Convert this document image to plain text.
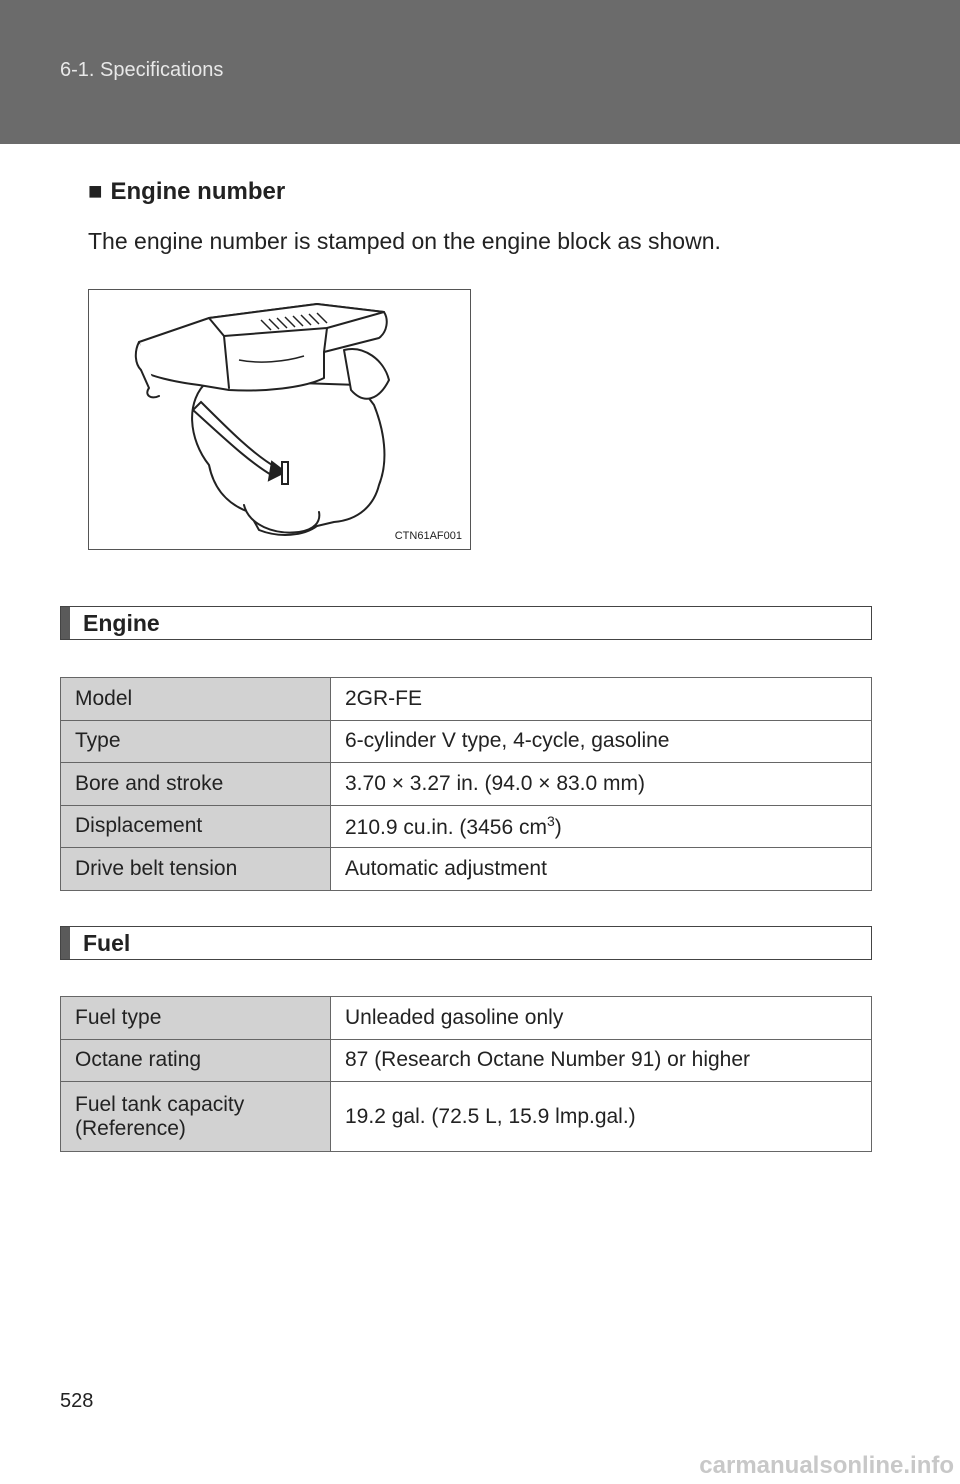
6-1. Specifications
■ Engine number
The engine number is stamped on the engine block as shown.
CTN61AF001
Engine
Model	2GR-FE
Type	6-cylinder V type, 4-cycle, gasoline
Bore and stroke	3.70 × 3.27 in. (94.0 × 83.0 mm)
Displacement	210.9 cu.in. (3456 $cm^3$)
Drive belt tension	Automatic adjustment
Fuel
Fuel type	Unleaded gasoline only
Octane rating	87 (Research Octane Number 91) or higher

Fuel tank capacity
(Reference)	19.2 gal. (72.5 L, 15.9 lmp.gal.)
528
carmanualsonline.info
